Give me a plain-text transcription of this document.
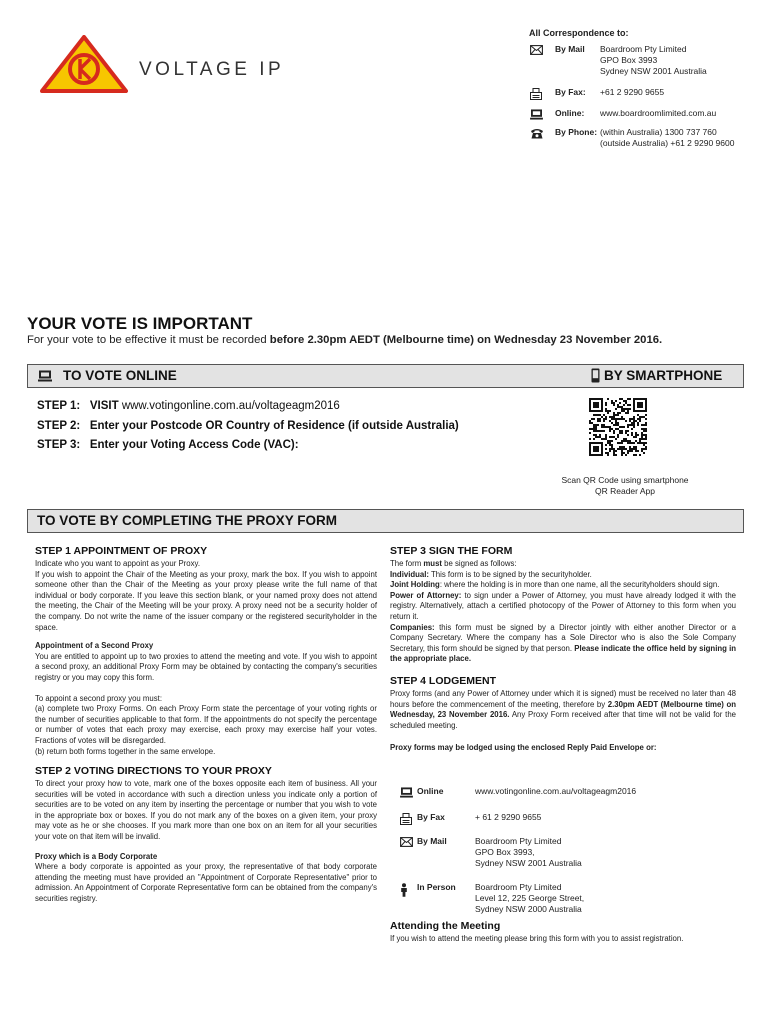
VOLTAGE IP
All Correspondence to:
By Mail Boardroom Pty Limited
GPO Box 3993
Sydney NSW 2001 Australia
By Fax: +61 2 9290 9655
Online: www.boardroomlimited.com.au
By Phone: (within Australia) 1300 737 760
(outside Australia) +61 2 9290 9600
YOUR VOTE IS IMPORTANT
For your vote to be effective it must be recorded before 2.30pm AEDT (Melbourne time) on Wednesday 23 November 2016.
TO VOTE ONLINE	BY SMARTPHONE
STEP 1: VISIT www.votingonline.com.au/voltageagm2016
STEP 2: Enter your Postcode OR Country of Residence (if outside Australia)
STEP 3: Enter your Voting Access Code (VAC):
Scan QR Code using smartphone
QR Reader App
TO VOTE BY COMPLETING THE PROXY FORM
STEP 1 APPOINTMENT OF PROXY
Indicate who you want to appoint as your Proxy.
If you wish to appoint the Chair of the Meeting as your proxy, mark the box. If you wish to appoint someone other than the Chair of the Meeting as your proxy please write the full name of that individual or body corporate. If you leave this section blank, or your named proxy does not attend the meeting, the Chair of the Meeting will be your proxy. A proxy need not be a security holder of the company. Do not write the name of the issuer company or the registered securityholder in the space.
Appointment of a Second Proxy
You are entitled to appoint up to two proxies to attend the meeting and vote. If you wish to appoint a second proxy, an additional Proxy Form may be obtained by contacting the company's securities registry or you may copy this form.
To appoint a second proxy you must:
(a) complete two Proxy Forms. On each Proxy Form state the percentage of your voting rights or the number of securities applicable to that form. If the appointments do not specify the percentage or number of votes that each proxy may exercise, each proxy may exercise half your votes. Fractions of votes will be disregarded.
(b) return both forms together in the same envelope.
STEP 2 VOTING DIRECTIONS TO YOUR PROXY
To direct your proxy how to vote, mark one of the boxes opposite each item of business. All your securities will be voted in accordance with such a direction unless you indicate only a portion of securities are to be voted on any item by inserting the percentage or number that you wish to vote in the appropriate box or boxes. If you do not mark any of the boxes on a given item, your proxy may vote as he or she chooses. If you mark more than one box on an item for all your securities your vote on that item will be invalid.
Proxy which is a Body Corporate
Where a body corporate is appointed as your proxy, the representative of that body corporate attending the meeting must have provided an "Appointment of Corporate Representative" prior to admission. An Appointment of Corporate Representative form can be obtained from the company's securities registry.
STEP 3 SIGN THE FORM
The form must be signed as follows:
Individual: This form is to be signed by the securityholder.
Joint Holding: where the holding is in more than one name, all the securityholders should sign.
Power of Attorney: to sign under a Power of Attorney, you must have already lodged it with the registry. Alternatively, attach a certified photocopy of the Power of Attorney to this form when you return it.
Companies: this form must be signed by a Director jointly with either another Director or a Company Secretary. Where the company has a Sole Director who is also the Sole Company Secretary, this form should be signed by that person. Please indicate the office held by signing in the appropriate place.
STEP 4 LODGEMENT
Proxy forms (and any Power of Attorney under which it is signed) must be received no later than 48 hours before the commencement of the meeting, therefore by 2.30pm AEDT (Melbourne time) on Wednesday, 23 November 2016. Any Proxy Form received after that time will not be valid for the scheduled meeting.
Proxy forms may be lodged using the enclosed Reply Paid Envelope or:
Online	www.votingonline.com.au/voltageagm2016
By Fax	+ 61 2 9290 9655
By Mail	Boardroom Pty Limited
GPO Box 3993,
Sydney NSW 2001 Australia
In Person Boardroom Pty Limited
Level 12, 225 George Street,
Sydney NSW 2000 Australia
Attending the Meeting
If you wish to attend the meeting please bring this form with you to assist registration.
